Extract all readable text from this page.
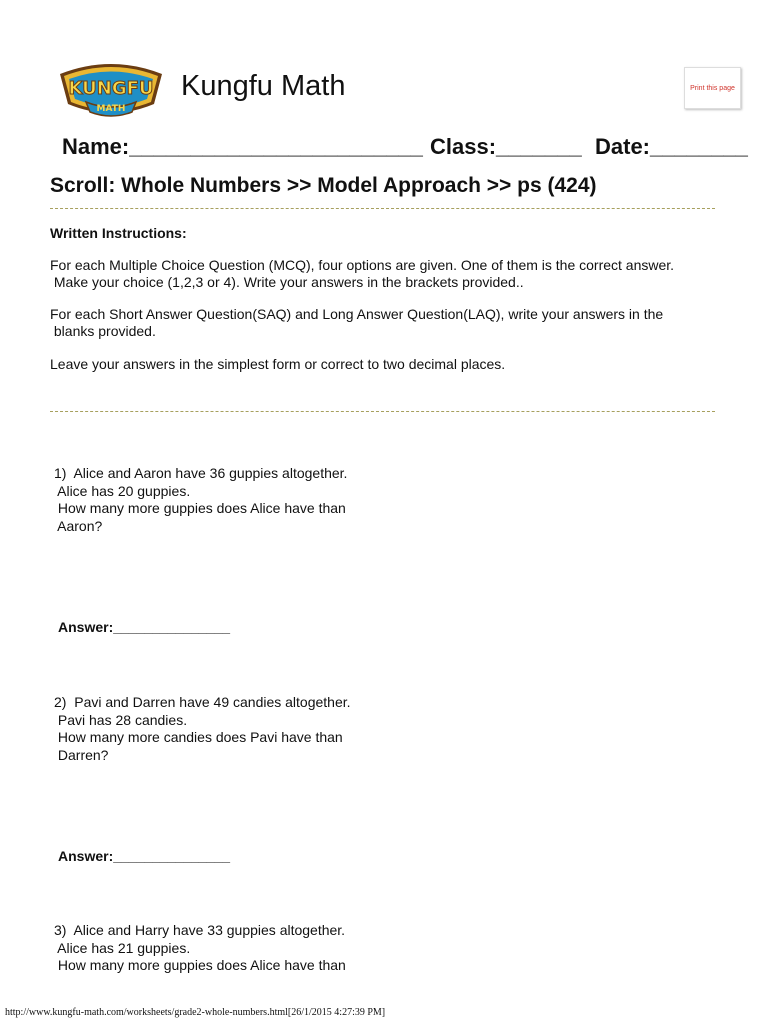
KUNGFU
MATH
Kungfu Math	Print this page
Name:________________________ Class:_______ Date:________
Scroll: Whole Numbers >> Model Approach >> ps (424)
Written Instructions:
For each Multiple Choice Question (MCQ), four options are given. One of them is the correct answer.
Make your choice (1,2,3 or 4). Write your answers in the brackets provided..
For each Short Answer Question(SAQ) and Long Answer Question(LAQ), write your answers in the
blanks provided.
Leave your answers in the simplest form or correct to two decimal places.
1)  Alice and Aaron have 36 guppies altogether.
Alice has 20 guppies.
How many more guppies does Alice have than
Aaron?
Answer:_______________
2)  Pavi and Darren have 49 candies altogether.
Pavi has 28 candies.
How many more candies does Pavi have than
Darren?
Answer:_______________
3)  Alice and Harry have 33 guppies altogether.
Alice has 21 guppies.
How many more guppies does Alice have than
http://www.kungfu-math.com/worksheets/grade2-whole-numbers.html[26/1/2015 4:27:39 PM]
